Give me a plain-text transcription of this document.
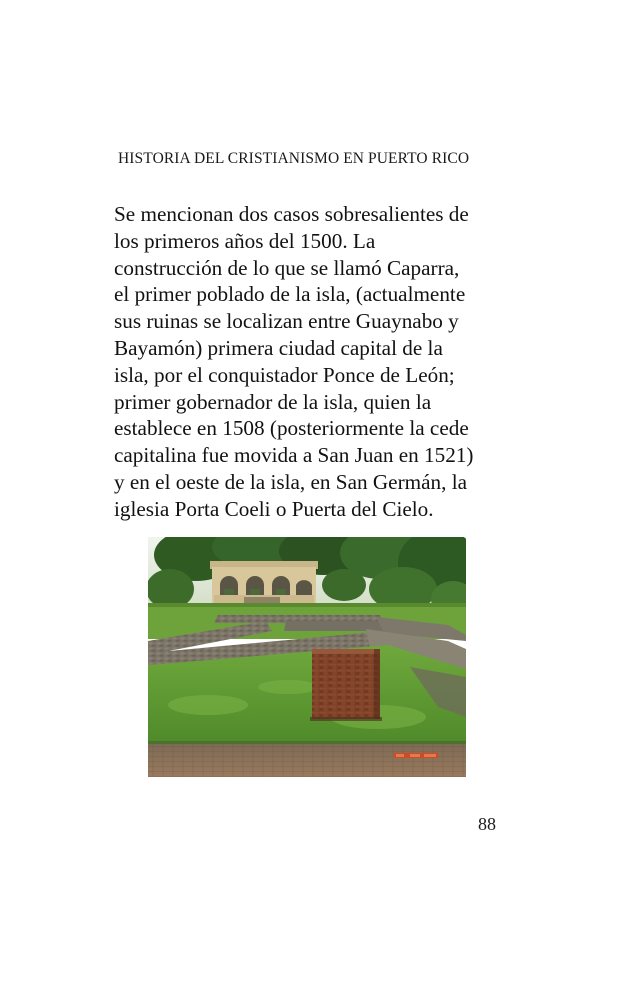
HISTORIA DEL CRISTIANISMO EN PUERTO RICO

Se mencionan dos casos sobresalientes de
los primeros años del 1500. La
construcción de lo que se llamó Caparra,
el primer poblado de la isla, (actualmente
sus ruinas se localizan entre Guaynabo y
Bayamón) primera ciudad capital de la
isla, por el conquistador Ponce de León;
primer gobernador de la isla, quien la
establece en 1508 (posteriormente la cede
capitalina fue movida a San Juan en 1521)
y en el oeste de la isla, en San Germán, la
iglesia Porta Coeli o Puerta del Cielo.

88
